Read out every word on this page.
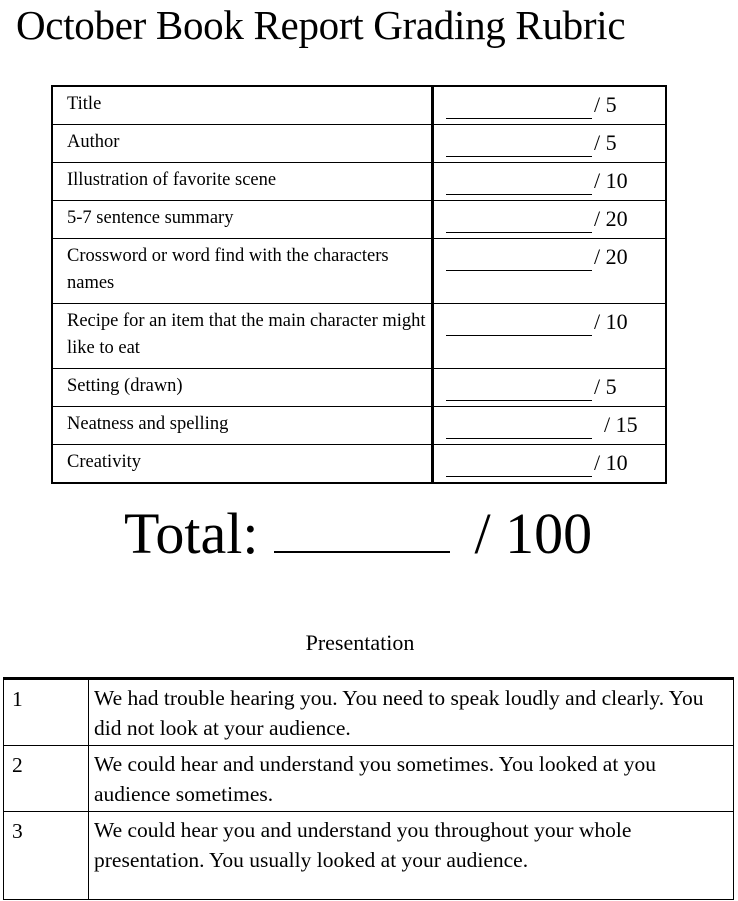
October Book Report Grading Rubric
Title	/ 5

Author	/ 5

Illustration of favorite scene	/ 10

5-7 sentence summary	/ 20

Crossword or word find with the characters names	/ 20

Recipe for an item that the main character might like to eat	/ 10

Setting (drawn)	/ 5

Neatness and spelling	/ 15

Creativity	/ 10
Total:	/ 100
Presentation
1	We had trouble hearing you. You need to speak loudly and clearly. You did not look at your audience.
2	We could hear and understand you sometimes. You looked at you audience sometimes.
3	We could hear you and understand you throughout your whole presentation. You usually looked at your audience.
